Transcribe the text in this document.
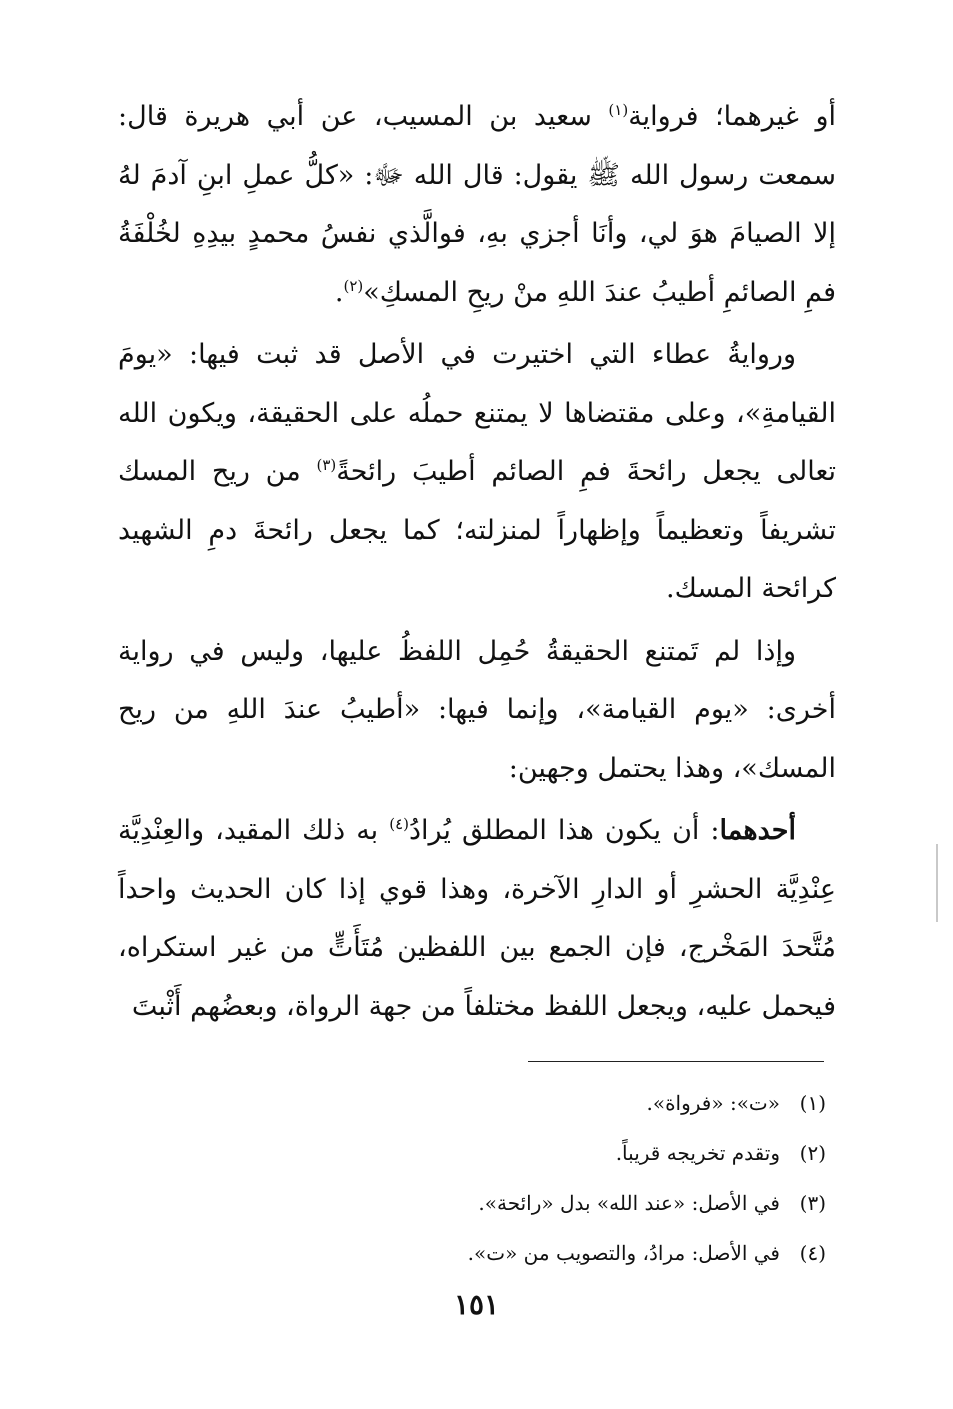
أو غيرهما؛ فرواية$^{(١)}$ سعيد بن المسيب، عن أبي هريرة قال: سمعت رسول الله ﷺ يقول: قال الله ﷻ: «كلُّ عملِ ابنِ آدمَ لهُ إلا الصيامَ هوَ لي، وأنَا أجزي بهِ، فوالَّذي نفسُ محمدٍ بيدِهِ لخُلْفَةُ فمِ الصائمِ أطيبُ عندَ اللهِ منْ ريحِ المسكِ»$^{(٢)}$.

وروايةُ عطاء التي اختيرت في الأصل قد ثبت فيها: «يومَ القيامةِ»، وعلى مقتضاها لا يمتنع حملُه على الحقيقة، ويكون الله تعالى يجعل رائحةَ فمِ الصائم أطيبَ رائحةً$^{(٣)}$ من ريح المسك تشريفاً وتعظيماً وإظهاراً لمنزلته؛ كما يجعل رائحةَ دمِ الشهيد كرائحة المسك.

وإذا لم تَمتنع الحقيقةُ حُمِل اللفظُ عليها، وليس في رواية أخرى: «يوم القيامة»، وإنما فيها: «أطيبُ عندَ اللهِ من ريح المسك»، وهذا يحتمل وجهين:

أحدهما: أن يكون هذا المطلق يُرادُ$^{(٤)}$ به ذلك المقيد، والعِنْدِيَّة عِنْدِيَّة الحشرِ أو الدارِ الآخرة، وهذا قوي إذا كان الحديث واحداً مُتَّحدَ المَخْرج، فإن الجمع بين اللفظين مُتَأَتٍّ من غير استكراه، فيحمل عليه، ويجعل اللفظ مختلفاً من جهة الرواة، وبعضُهم أَثْبتَ

(١)«ت»: «فرواة».

(٢)وتقدم تخريجه قريباً.

(٣)في الأصل: «عند الله» بدل «رائحة».

(٤)في الأصل: مرادُ، والتصويب من «ت».

١٥١
